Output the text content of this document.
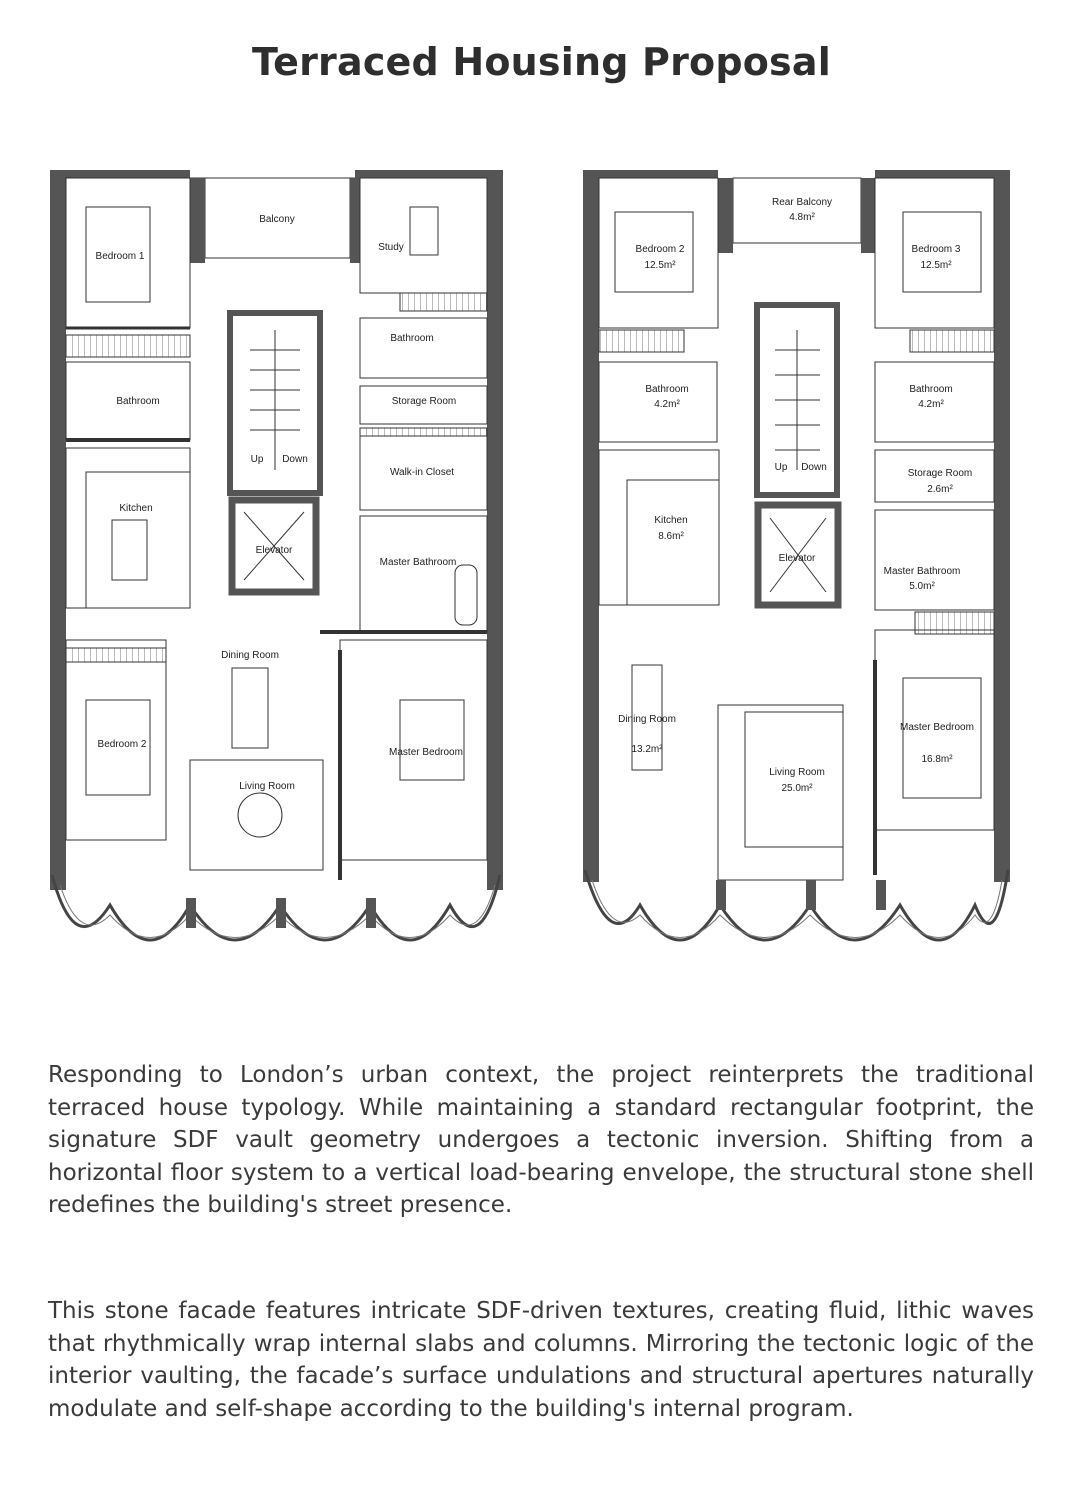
Terraced Housing Proposal
Bedroom 1
Balcony
Study
Bathroom
Bathroom	Storage Room
Walk-in Closet
Kitchen
Up Down
Elevator
Master Bathroom
Dining Room
Bedroom 2
Living Room
Master Bedroom
Rear Balcony
4.8m²
Bedroom 2
12.5m²
Bedroom 3
12.5m²
Bathroom
4.2m²
Bathroom
4.2m²
Up Down
Storage Room
2.6m²
Kitchen
8.6m²
Elevator
Master Bathroom
5.0m²
Dining Room
13.2m²
Living Room
25.0m²
Master Bedroom
16.8m²

Responding to London’s urban context, the project reinterprets the traditional terraced house typology. While maintaining a standard rectangular footprint, the signature SDF vault geometry undergoes a tectonic inversion. Shifting from a horizontal floor system to a vertical load-bearing envelope, the structural stone shell redefines the building's street presence.

This stone facade features intricate SDF-driven textures, creating fluid, lithic waves that rhythmically wrap internal slabs and columns. Mirroring the tectonic logic of the interior vaulting, the facade’s surface undulations and structural apertures naturally modulate and self-shape according to the building's internal program.
